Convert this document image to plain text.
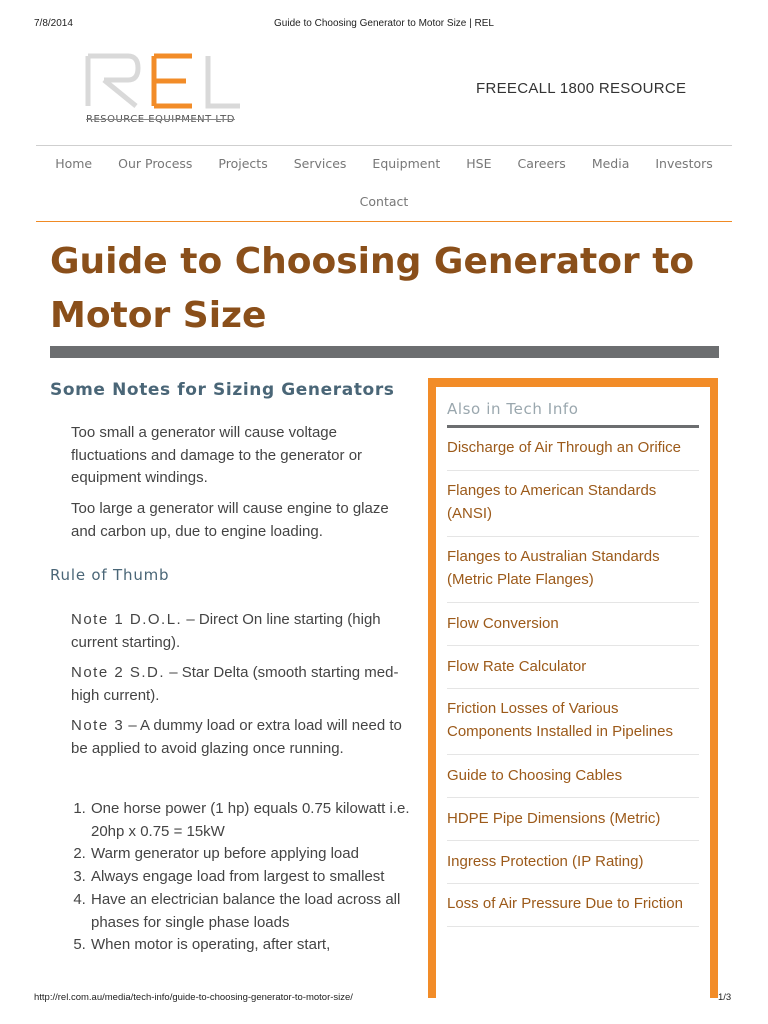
7/8/2014	Guide to Choosing Generator to Motor Size | REL
RESOURCE EQUIPMENT LTD
FREECALL 1800 RESOURCE
Home	Our Process	Projects	Services	Equipment	HSE	Careers	Media	Investors
Contact
Guide to Choosing Generator to Motor Size
Some Notes for Sizing Generators
Too small a generator will cause voltage fluctuations and damage to the generator or equipment windings.
Too large a generator will cause engine to glaze and carbon up, due to engine loading.
Rule of Thumb
Note 1 D.O.L. – Direct On line starting (high current starting).
Note 2 S.D. – Star Delta (smooth starting med-high current).
Note 3 – A dummy load or extra load will need to be applied to avoid glazing once running.
1. One horse power (1 hp) equals 0.75 kilowatt i.e. 20hp x 0.75 = 15kW
2. Warm generator up before applying load
3. Always engage load from largest to smallest
4. Have an electrician balance the load across all phases for single phase loads
5. When motor is operating, after start,
Also in Tech Info
Discharge of Air Through an Orifice
Flanges to American Standards (ANSI)
Flanges to Australian Standards (Metric Plate Flanges)
Flow Conversion
Flow Rate Calculator
Friction Losses of Various Components Installed in Pipelines
Guide to Choosing Cables
HDPE Pipe Dimensions (Metric)
Ingress Protection (IP Rating)
Loss of Air Pressure Due to Friction
http://rel.com.au/media/tech-info/guide-to-choosing-generator-to-motor-size/	1/3
